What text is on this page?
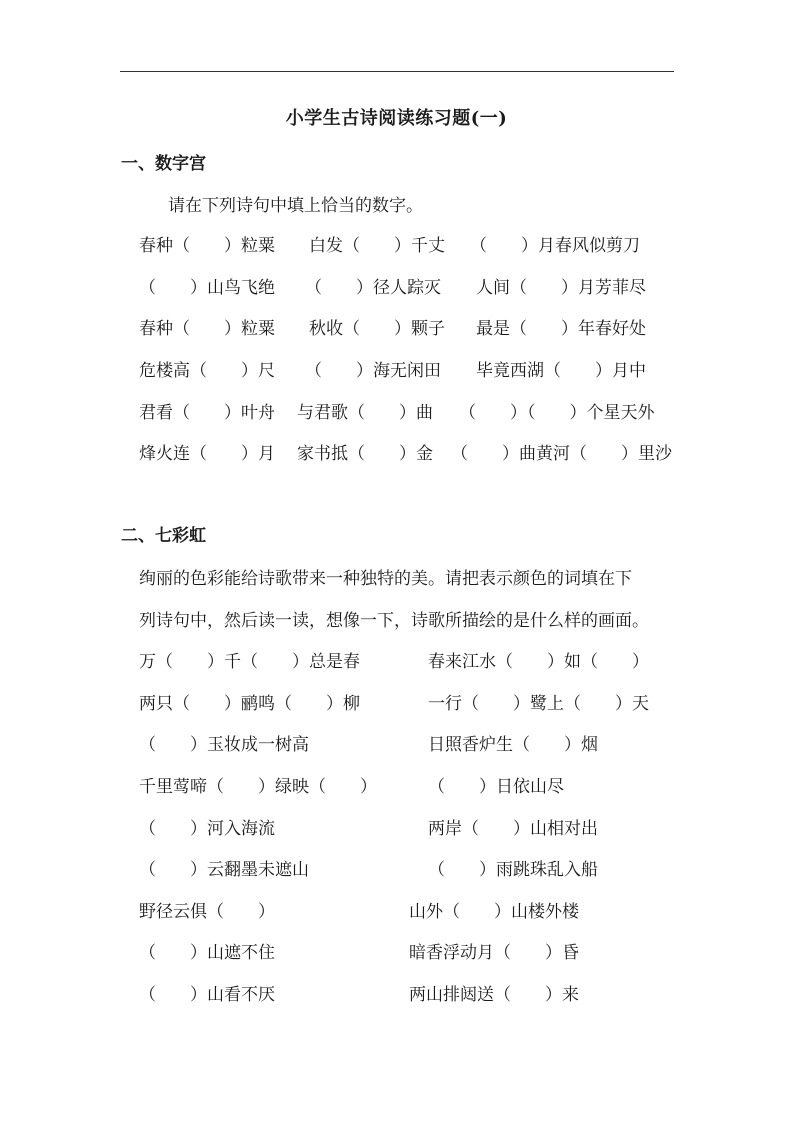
小学生古诗阅读练习题(一)
一、数字宫
请在下列诗句中填上恰当的数字。
春种（　　）粒粟 白发（　　）千丈 （　　）月春风似剪刀
（　　）山鸟飞绝 （　　）径人踪灭 人间（　　）月芳菲尽
春种（　　）粒粟 秋收（　　）颗子 最是（　　）年春好处
危楼高（　　）尺 （　　）海无闲田 毕竟西湖（　　）月中
君看（　　）叶舟 与君歌（　　）曲 （　　）（　　）个星天外
烽火连（　　）月 家书抵（　　）金 （　　）曲黄河（　　）里沙
二、七彩虹
绚丽的色彩能给诗歌带来一种独特的美。请把表示颜色的词填在下
列诗句中，然后读一读，想像一下，诗歌所描绘的是什么样的画面。
万（　　）千（　　）总是春	春来江水（　　）如（　　）
两只（　　）鹂鸣（　　）柳	一行（　　）鹭上（　　）天
（　　）玉妆成一树高	日照香炉生（　　）烟
千里莺啼（　　）绿映（　　）	（　　）日依山尽
（　　）河入海流	两岸（　　）山相对出
（　　）云翻墨未遮山	（　　）雨跳珠乱入船
野径云俱（　　）	山外（　　）山楼外楼
（　　）山遮不住	暗香浮动月（　　）昏
（　　）山看不厌	两山排闼送（　　）来
